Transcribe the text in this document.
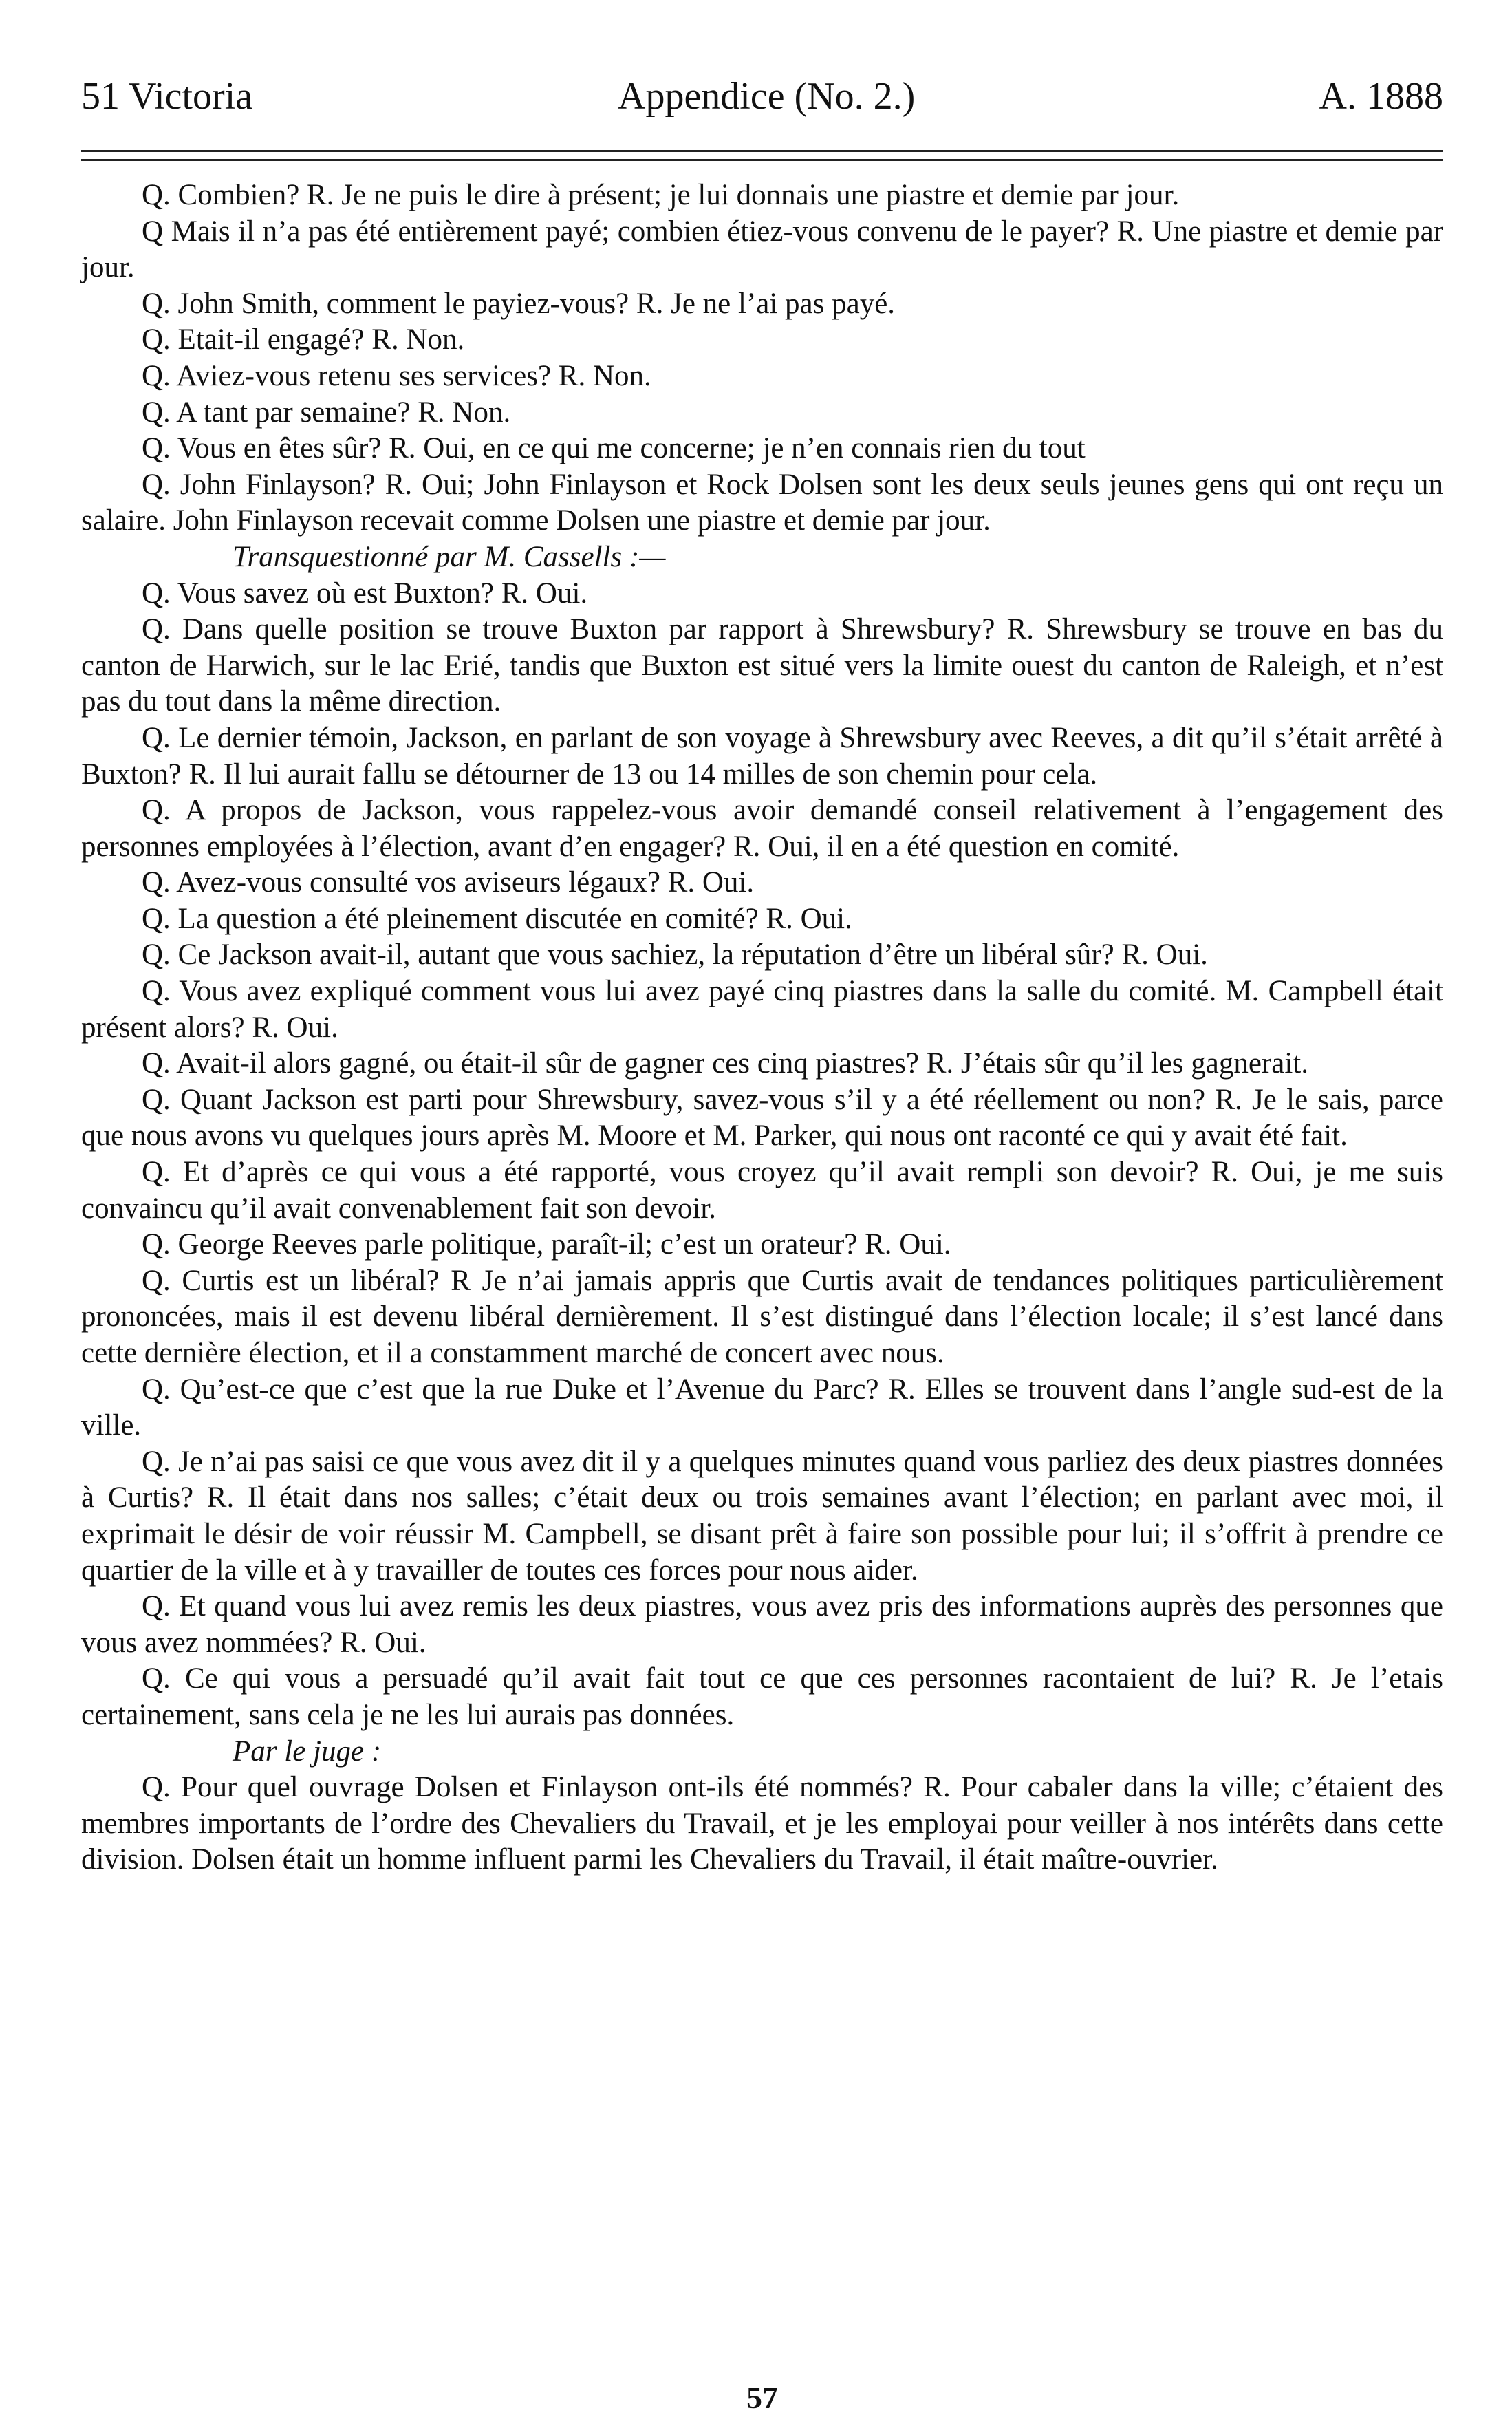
51 Victoria	Appendice (No. 2.)	A. 1888

Q. Combien? R. Je ne puis le dire à présent; je lui donnais une piastre et demie par jour.

Q Mais il n’a pas été entièrement payé; combien étiez-vous convenu de le payer? R. Une piastre et demie par jour.

Q. John Smith, comment le payiez-vous? R. Je ne l’ai pas payé.

Q. Etait-il engagé? R. Non.

Q. Aviez-vous retenu ses services? R. Non.

Q. A tant par semaine? R. Non.

Q. Vous en êtes sûr? R. Oui, en ce qui me concerne; je n’en connais rien du tout

Q. John Finlayson? R. Oui; John Finlayson et Rock Dolsen sont les deux seuls jeunes gens qui ont reçu un salaire. John Finlayson recevait comme Dolsen une piastre et demie par jour.

Transquestionné par M. Cassells :—

Q. Vous savez où est Buxton? R. Oui.

Q. Dans quelle position se trouve Buxton par rapport à Shrewsbury? R. Shrewsbury se trouve en bas du canton de Harwich, sur le lac Erié, tandis que Buxton est situé vers la limite ouest du canton de Raleigh, et n’est pas du tout dans la même direction.

Q. Le dernier témoin, Jackson, en parlant de son voyage à Shrewsbury avec Reeves, a dit qu’il s’était arrêté à Buxton? R. Il lui aurait fallu se détourner de 13 ou 14 milles de son chemin pour cela.

Q. A propos de Jackson, vous rappelez-vous avoir demandé conseil relativement à l’engagement des personnes employées à l’élection, avant d’en engager? R. Oui, il en a été question en comité.

Q. Avez-vous consulté vos aviseurs légaux? R. Oui.

Q. La question a été pleinement discutée en comité? R. Oui.

Q. Ce Jackson avait-il, autant que vous sachiez, la réputation d’être un libéral sûr? R. Oui.

Q. Vous avez expliqué comment vous lui avez payé cinq piastres dans la salle du comité. M. Campbell était présent alors? R. Oui.

Q. Avait-il alors gagné, ou était-il sûr de gagner ces cinq piastres? R. J’étais sûr qu’il les gagnerait.

Q. Quant Jackson est parti pour Shrewsbury, savez-vous s’il y a été réellement ou non? R. Je le sais, parce que nous avons vu quelques jours après M. Moore et M. Parker, qui nous ont raconté ce qui y avait été fait.

Q. Et d’après ce qui vous a été rapporté, vous croyez qu’il avait rempli son devoir? R. Oui, je me suis convaincu qu’il avait convenablement fait son devoir.

Q. George Reeves parle politique, paraît-il; c’est un orateur? R. Oui.

Q. Curtis est un libéral? R Je n’ai jamais appris que Curtis avait de tendances politiques particulièrement prononcées, mais il est devenu libéral dernièrement. Il s’est distingué dans l’élection locale; il s’est lancé dans cette dernière élection, et il a constamment marché de concert avec nous.

Q. Qu’est-ce que c’est que la rue Duke et l’Avenue du Parc? R. Elles se trouvent dans l’angle sud-est de la ville.

Q. Je n’ai pas saisi ce que vous avez dit il y a quelques minutes quand vous parliez des deux piastres données à Curtis? R. Il était dans nos salles; c’était deux ou trois semaines avant l’élection; en parlant avec moi, il exprimait le désir de voir réussir M. Campbell, se disant prêt à faire son possible pour lui; il s’offrit à prendre ce quartier de la ville et à y travailler de toutes ces forces pour nous aider.

Q. Et quand vous lui avez remis les deux piastres, vous avez pris des informations auprès des personnes que vous avez nommées? R. Oui.

Q. Ce qui vous a persuadé qu’il avait fait tout ce que ces personnes racontaient de lui? R. Je l’etais certainement, sans cela je ne les lui aurais pas données.

Par le juge :

Q. Pour quel ouvrage Dolsen et Finlayson ont-ils été nommés? R. Pour cabaler dans la ville; c’étaient des membres importants de l’ordre des Chevaliers du Travail, et je les employai pour veiller à nos intérêts dans cette division. Dolsen était un homme influent parmi les Chevaliers du Travail, il était maître-ouvrier.

57
